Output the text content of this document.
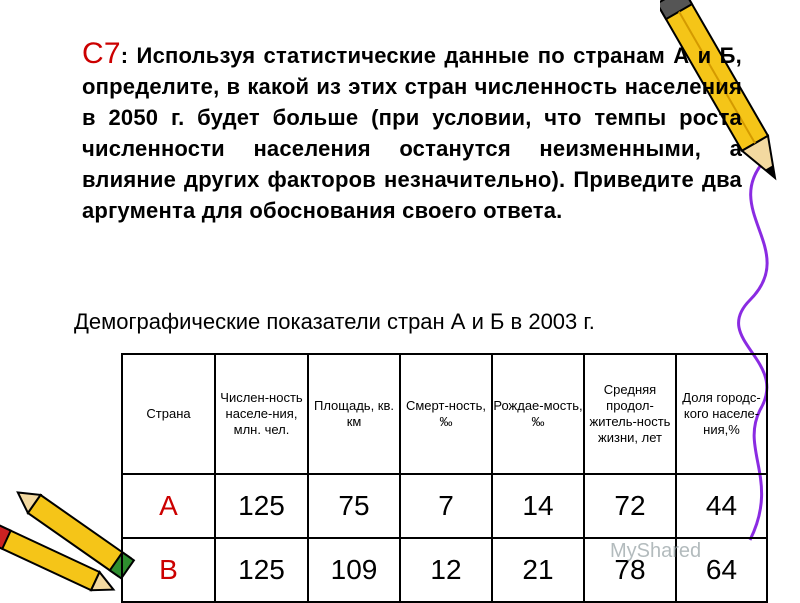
С7: Используя статистические данные по странам А и Б, определите, в какой из этих стран численность населения в 2050 г. будет больше (при условии, что темпы роста численности населения останутся неизменными, а влияние других факторов незначительно). Приведите два аргумента для обоснования своего ответа.
Демографические показатели стран А и Б в 2003 г.
Страна	Числен-ность населе-ния, млн. чел.	Площадь, кв. км	Смерт-ность, ‰	Рождае-мость, ‰	Средняя продол-житель-ность жизни, лет	Доля городс-кого населе-ния,%
А	125	75	7	14	72	44
В	125	109	12	21	78	64
MyShared
